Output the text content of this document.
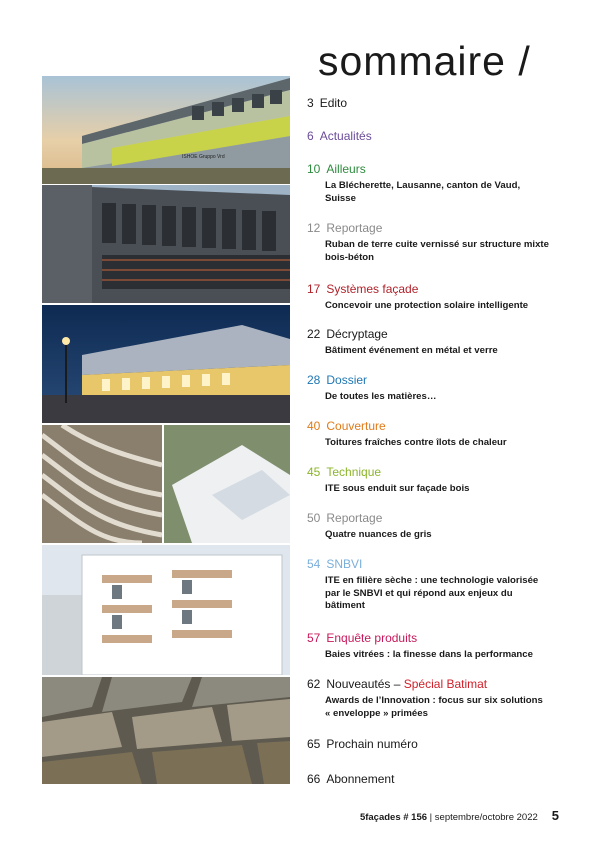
sommaire /
ISHOE Gruppo Vrd
3 Edito
6 Actualités
10 Ailleurs
La Blécherette, Lausanne, canton de Vaud, Suisse
12 Reportage
Ruban de terre cuite vernissé sur structure mixte bois-béton
17 Systèmes façade
Concevoir une protection solaire intelligente
22 Décryptage
Bâtiment événement en métal et verre
28 Dossier
De toutes les matières…
40 Couverture
Toitures fraîches contre îlots de chaleur
45 Technique
ITE sous enduit sur façade bois
50 Reportage
Quatre nuances de gris
54 SNBVI
ITE en filière sèche : une technologie valorisée par le SNBVI et qui répond aux enjeux du bâtiment
57 Enquête produits
Baies vitrées : la finesse dans la performance
62 Nouveautés – Spécial Batimat
Awards de l’Innovation : focus sur six solutions « enveloppe » primées
65 Prochain numéro
66 Abonnement
5façades # 156 | septembre/octobre 2022 5
